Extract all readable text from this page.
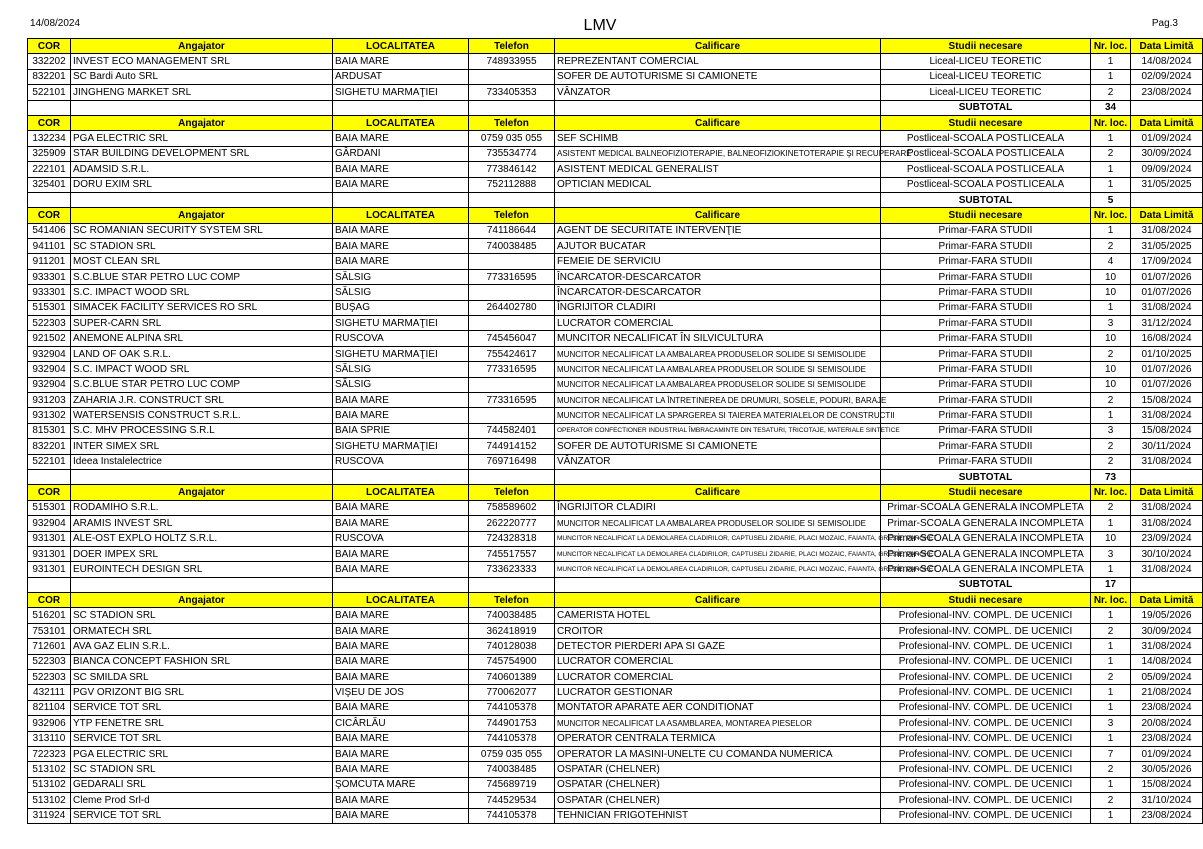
14/08/2024	LMV	Pag.3
COR	Angajator	LOCALITATEA	Telefon	Calificare	Studii necesare	Nr. loc.	Data Limită
332202	INVEST ECO MANAGEMENT SRL	BAIA MARE	748933955	REPREZENTANT COMERCIAL	Liceal-LICEU TEORETIC	1	14/08/2024
832201	SC Bardi Auto SRL	ARDUSAT		SOFER DE AUTOTURISME SI CAMIONETE	Liceal-LICEU TEORETIC	1	02/09/2024
522101	JINGHENG MARKET SRL	SIGHETU MARMAŢIEI	733405353	VÂNZATOR	Liceal-LICEU TEORETIC	2	23/08/2024
					SUBTOTAL	34	
COR	Angajator	LOCALITATEA	Telefon	Calificare	Studii necesare	Nr. loc.	Data Limită
132234	PGA ELECTRIC SRL	BAIA MARE	0759 035 055	SEF SCHIMB	Postliceal-SCOALA POSTLICEALA	1	01/09/2024
325909	STAR BUILDING DEVELOPMENT SRL	GÂRDANI	735534774	ASISTENT MEDICAL BALNEOFIZIOTERAPIE, BALNEOFIZIOKINETOTERAPIE ŞI RECUPERARE	Postliceal-SCOALA POSTLICEALA	2	30/09/2024
222101	ADAMSID S.R.L.	BAIA MARE	773846142	ASISTENT MEDICAL GENERALIST	Postliceal-SCOALA POSTLICEALA	1	09/09/2024
325401	DORU EXIM SRL	BAIA MARE	752112888	OPTICIAN MEDICAL	Postliceal-SCOALA POSTLICEALA	1	31/05/2025
					SUBTOTAL	5	
COR	Angajator	LOCALITATEA	Telefon	Calificare	Studii necesare	Nr. loc.	Data Limită
541406	SC ROMANIAN SECURITY SYSTEM SRL	BAIA MARE	741186644	AGENT DE SECURITATE INTERVENŢIE	Primar-FARA STUDII	1	31/08/2024
941101	SC STADION SRL	BAIA MARE	740038485	AJUTOR BUCATAR	Primar-FARA STUDII	2	31/05/2025
911201	MOST CLEAN SRL	BAIA MARE		FEMEIE DE SERVICIU	Primar-FARA STUDII	4	17/09/2024
933301	S.C.BLUE STAR PETRO LUC COMP	SĂLSIG	773316595	ÎNCARCATOR-DESCARCATOR	Primar-FARA STUDII	10	01/07/2026
933301	S.C. IMPACT WOOD SRL	SĂLSIG		ÎNCARCATOR-DESCARCATOR	Primar-FARA STUDII	10	01/07/2026
515301	SIMACEK FACILITY SERVICES RO SRL	BUŞAG	264402780	ÎNGRIJITOR CLADIRI	Primar-FARA STUDII	1	31/08/2024
522303	SUPER-CARN SRL	SIGHETU MARMAŢIEI		LUCRATOR COMERCIAL	Primar-FARA STUDII	3	31/12/2024
921502	ANEMONE ALPINA SRL	RUSCOVA	745456047	MUNCITOR NECALIFICAT ÎN SILVICULTURA	Primar-FARA STUDII	10	16/08/2024
932904	LAND OF OAK S.R.L.	SIGHETU MARMAŢIEI	755424617	MUNCITOR NECALIFICAT LA AMBALAREA PRODUSELOR SOLIDE SI SEMISOLIDE	Primar-FARA STUDII	2	01/10/2025
932904	S.C. IMPACT WOOD SRL	SĂLSIG	773316595	MUNCITOR NECALIFICAT LA AMBALAREA PRODUSELOR SOLIDE SI SEMISOLIDE	Primar-FARA STUDII	10	01/07/2026
932904	S.C.BLUE STAR PETRO LUC COMP	SĂLSIG		MUNCITOR NECALIFICAT LA AMBALAREA PRODUSELOR SOLIDE SI SEMISOLIDE	Primar-FARA STUDII	10	01/07/2026
931203	ZAHARIA J.R. CONSTRUCT SRL	BAIA MARE	773316595	MUNCITOR NECALIFICAT LA ÎNTRETINEREA DE DRUMURI, SOSELE, PODURI, BARAJE	Primar-FARA STUDII	2	15/08/2024
931302	WATERSENSIS CONSTRUCT S.R.L.	BAIA MARE		MUNCITOR NECALIFICAT LA SPARGEREA SI TAIEREA MATERIALELOR DE CONSTRUCTII	Primar-FARA STUDII	1	31/08/2024
815301	S.C. MHV PROCESSING S.R.L	BAIA SPRIE	744582401	OPERATOR CONFECTIONER INDUSTRIAL ÎMBRACAMINTE DIN TESATURI, TRICOTAJE, MATERIALE SINTETICE	Primar-FARA STUDII	3	15/08/2024
832201	INTER SIMEX SRL	SIGHETU MARMAŢIEI	744914152	SOFER DE AUTOTURISME SI CAMIONETE	Primar-FARA STUDII	2	30/11/2024
522101	Ideea Instalelectrice	RUSCOVA	769716498	VÂNZATOR	Primar-FARA STUDII	2	31/08/2024
					SUBTOTAL	73	
COR	Angajator	LOCALITATEA	Telefon	Calificare	Studii necesare	Nr. loc.	Data Limită
515301	RODAMIHO S.R.L.	BAIA MARE	758589602	ÎNGRIJITOR CLADIRI	Primar-SCOALA GENERALA INCOMPLETA	2	31/08/2024
932904	ARAMIS INVEST SRL	BAIA MARE	262220777	MUNCITOR NECALIFICAT LA AMBALAREA PRODUSELOR SOLIDE SI SEMISOLIDE	Primar-SCOALA GENERALA INCOMPLETA	1	31/08/2024
931301	ALE-OST EXPLO HOLTZ S.R.L.	RUSCOVA	724328318	MUNCITOR NECALIFICAT LA DEMOLAREA CLADIRILOR, CAPTUSELI ZIDARIE, PLACI MOZAIC, FAIANTA, GRESIE, PARCHET	Primar-SCOALA GENERALA INCOMPLETA	10	23/09/2024
931301	DOER IMPEX SRL	BAIA MARE	745517557	MUNCITOR NECALIFICAT LA DEMOLAREA CLADIRILOR, CAPTUSELI ZIDARIE, PLACI MOZAIC, FAIANTA, GRESIE, PARCHET	Primar-SCOALA GENERALA INCOMPLETA	3	30/10/2024
931301	EUROINTECH DESIGN SRL	BAIA MARE	733623333	MUNCITOR NECALIFICAT LA DEMOLAREA CLADIRILOR, CAPTUSELI ZIDARIE, PLACI MOZAIC, FAIANTA, GRESIE, PARCHET	Primar-SCOALA GENERALA INCOMPLETA	1	31/08/2024
					SUBTOTAL	17	
COR	Angajator	LOCALITATEA	Telefon	Calificare	Studii necesare	Nr. loc.	Data Limită
516201	SC STADION SRL	BAIA MARE	740038485	CAMERISTA HOTEL	Profesional-INV. COMPL. DE UCENICI	1	19/05/2026
753101	ORMATECH SRL	BAIA MARE	362418919	CROITOR	Profesional-INV. COMPL. DE UCENICI	2	30/09/2024
712601	AVA GAZ ELIN S.R.L.	BAIA MARE	740128038	DETECTOR PIERDERI APA SI GAZE	Profesional-INV. COMPL. DE UCENICI	1	31/08/2024
522303	BIANCA CONCEPT FASHION SRL	BAIA MARE	745754900	LUCRATOR COMERCIAL	Profesional-INV. COMPL. DE UCENICI	1	14/08/2024
522303	SC SMILDA SRL	BAIA MARE	740601389	LUCRATOR COMERCIAL	Profesional-INV. COMPL. DE UCENICI	2	05/09/2024
432111	PGV ORIZONT BIG SRL	VIŞEU DE JOS	770062077	LUCRATOR GESTIONAR	Profesional-INV. COMPL. DE UCENICI	1	21/08/2024
821104	SERVICE TOT SRL	BAIA MARE	744105378	MONTATOR APARATE AER CONDITIONAT	Profesional-INV. COMPL. DE UCENICI	1	23/08/2024
932906	YTP FENETRE SRL	CICÂRLĂU	744901753	MUNCITOR NECALIFICAT LA ASAMBLAREA, MONTAREA PIESELOR	Profesional-INV. COMPL. DE UCENICI	3	20/08/2024
313110	SERVICE TOT SRL	BAIA MARE	744105378	OPERATOR CENTRALA TERMICA	Profesional-INV. COMPL. DE UCENICI	1	23/08/2024
722323	PGA ELECTRIC SRL	BAIA MARE	0759 035 055	OPERATOR LA MASINI-UNELTE CU COMANDA NUMERICA	Profesional-INV. COMPL. DE UCENICI	7	01/09/2024
513102	SC STADION SRL	BAIA MARE	740038485	OSPATAR (CHELNER)	Profesional-INV. COMPL. DE UCENICI	2	30/05/2026
513102	GEDARALI SRL	ŞOMCUTA MARE	745689719	OSPATAR (CHELNER)	Profesional-INV. COMPL. DE UCENICI	1	15/08/2024
513102	Cleme Prod Srl-d	BAIA MARE	744529534	OSPATAR (CHELNER)	Profesional-INV. COMPL. DE UCENICI	2	31/10/2024
311924	SERVICE TOT SRL	BAIA MARE	744105378	TEHNICIAN FRIGOTEHNIST	Profesional-INV. COMPL. DE UCENICI	1	23/08/2024
